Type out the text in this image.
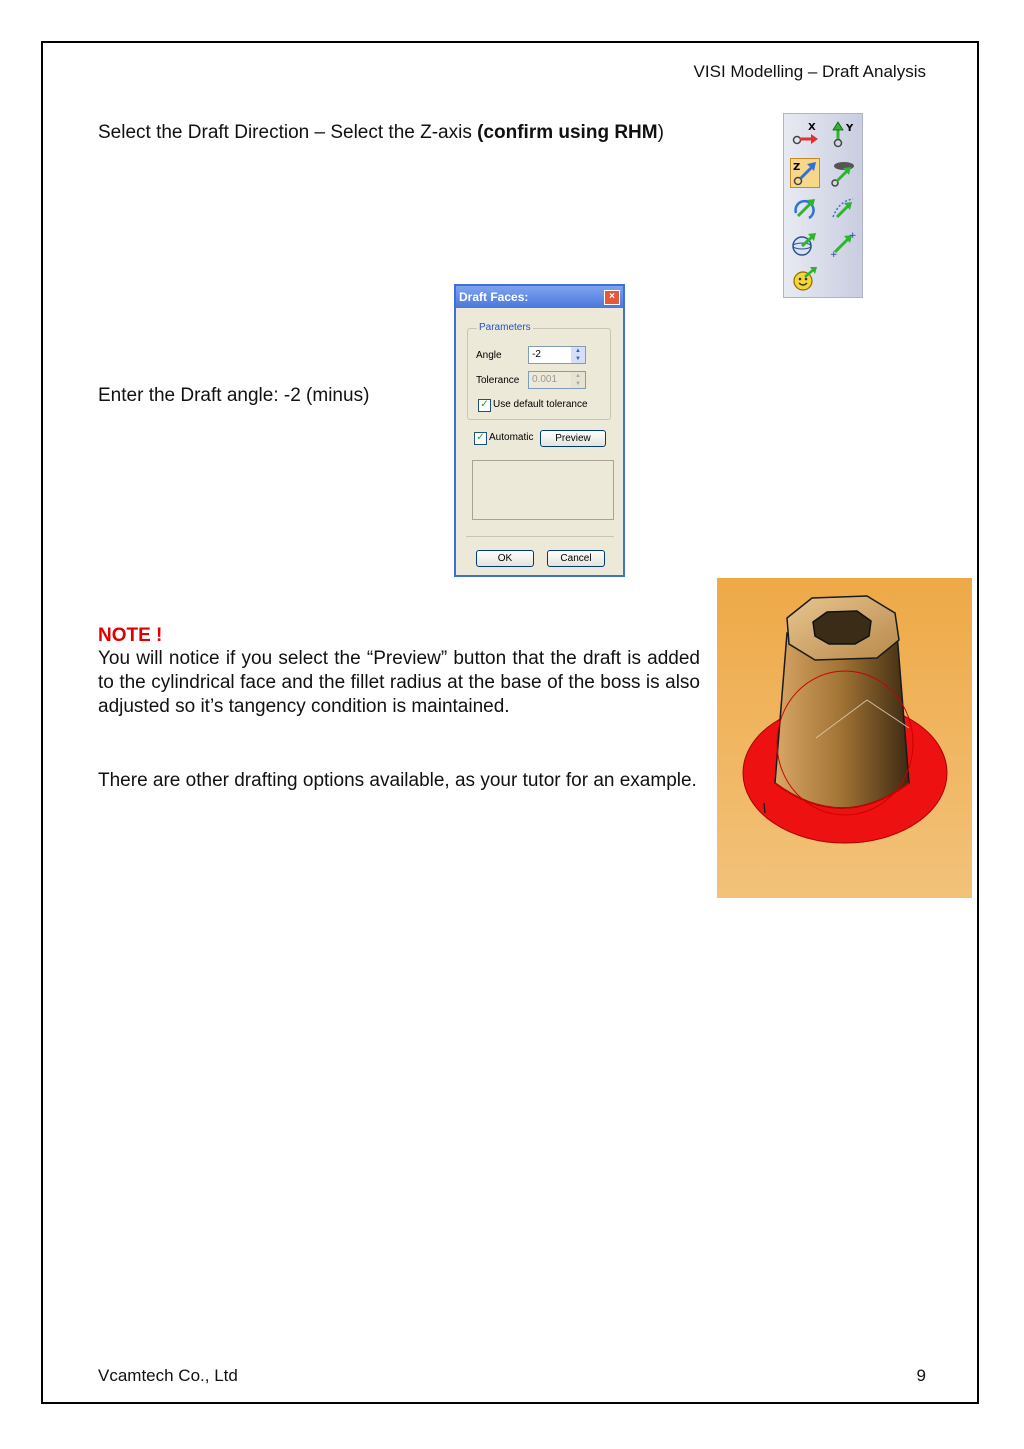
VISI Modelling – Draft Analysis
Select the Draft Direction – Select the Z-axis (confirm using RHM)	X	Y
Z
+
+
Enter the Draft angle: -2 (minus)
Draft Faces:	×
Parameters
Angle	-2	▲
▼
Tolerance	0.001	▲
▼
✓ Use default tolerance
✓ Automatic	Preview
OK	Cancel
NOTE !
You will notice if you select the “Preview” button that the draft is added to the cylindrical face and the fillet radius at the base of the boss is also adjusted so it’s tangency condition is maintained.
There are other drafting options available, as your tutor for an example.
Vcamtech Co., Ltd	9
